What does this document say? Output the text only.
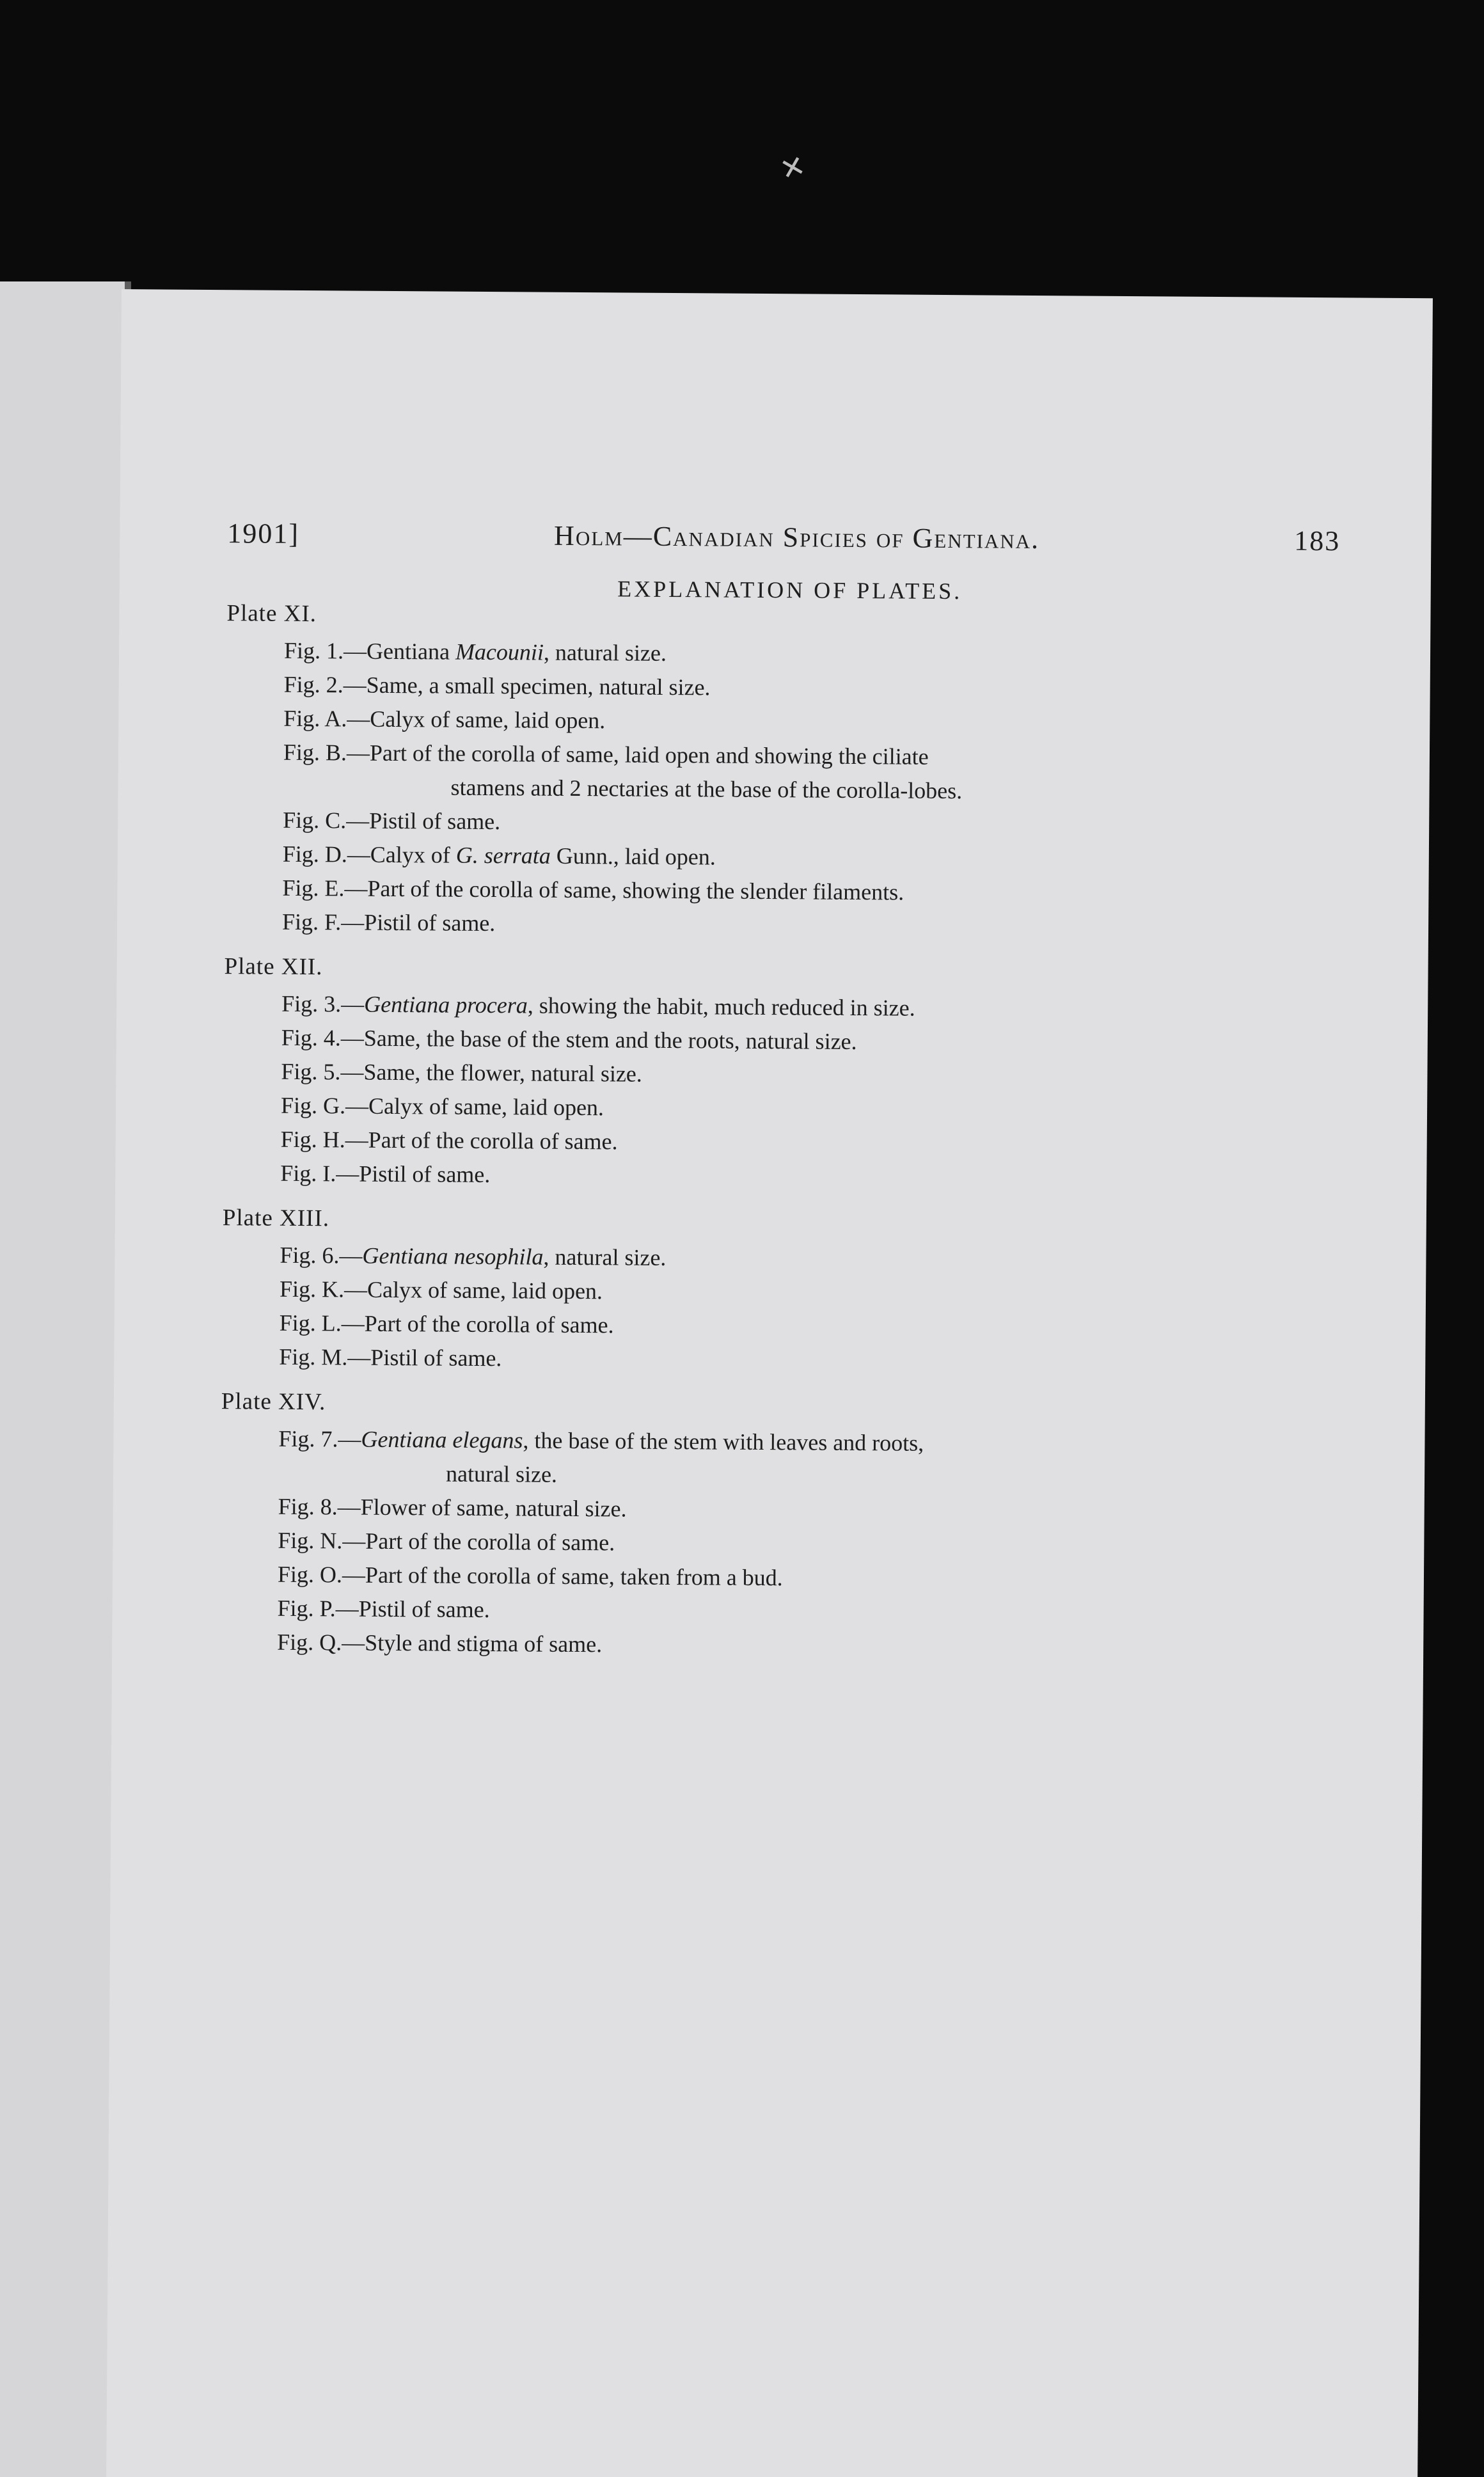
✕
1901]	Holm—Canadian Spicies of Gentiana.	183
EXPLANATION OF PLATES.
Plate XI.
Fig. 1.—Gentiana Macounii, natural size.
Fig. 2.—Same, a small specimen, natural size.
Fig. A.—Calyx of same, laid open.
Fig. B.—Part of the corolla of same, laid open and showing the ciliate
stamens and 2 nectaries at the base of the corolla-lobes.
Fig. C.—Pistil of same.
Fig. D.—Calyx of G. serrata Gunn., laid open.
Fig. E.—Part of the corolla of same, showing the slender filaments.
Fig. F.—Pistil of same.
Plate XII.
Fig. 3.—Gentiana procera, showing the habit, much reduced in size.
Fig. 4.—Same, the base of the stem and the roots, natural size.
Fig. 5.—Same, the flower, natural size.
Fig. G.—Calyx of same, laid open.
Fig. H.—Part of the corolla of same.
Fig. I.—Pistil of same.
Plate XIII.
Fig. 6.—Gentiana nesophila, natural size.
Fig. K.—Calyx of same, laid open.
Fig. L.—Part of the corolla of same.
Fig. M.—Pistil of same.
Plate XIV.
Fig. 7.—Gentiana elegans, the base of the stem with leaves and roots,
natural size.
Fig. 8.—Flower of same, natural size.
Fig. N.—Part of the corolla of same.
Fig. O.—Part of the corolla of same, taken from a bud.
Fig. P.—Pistil of same.
Fig. Q.—Style and stigma of same.
